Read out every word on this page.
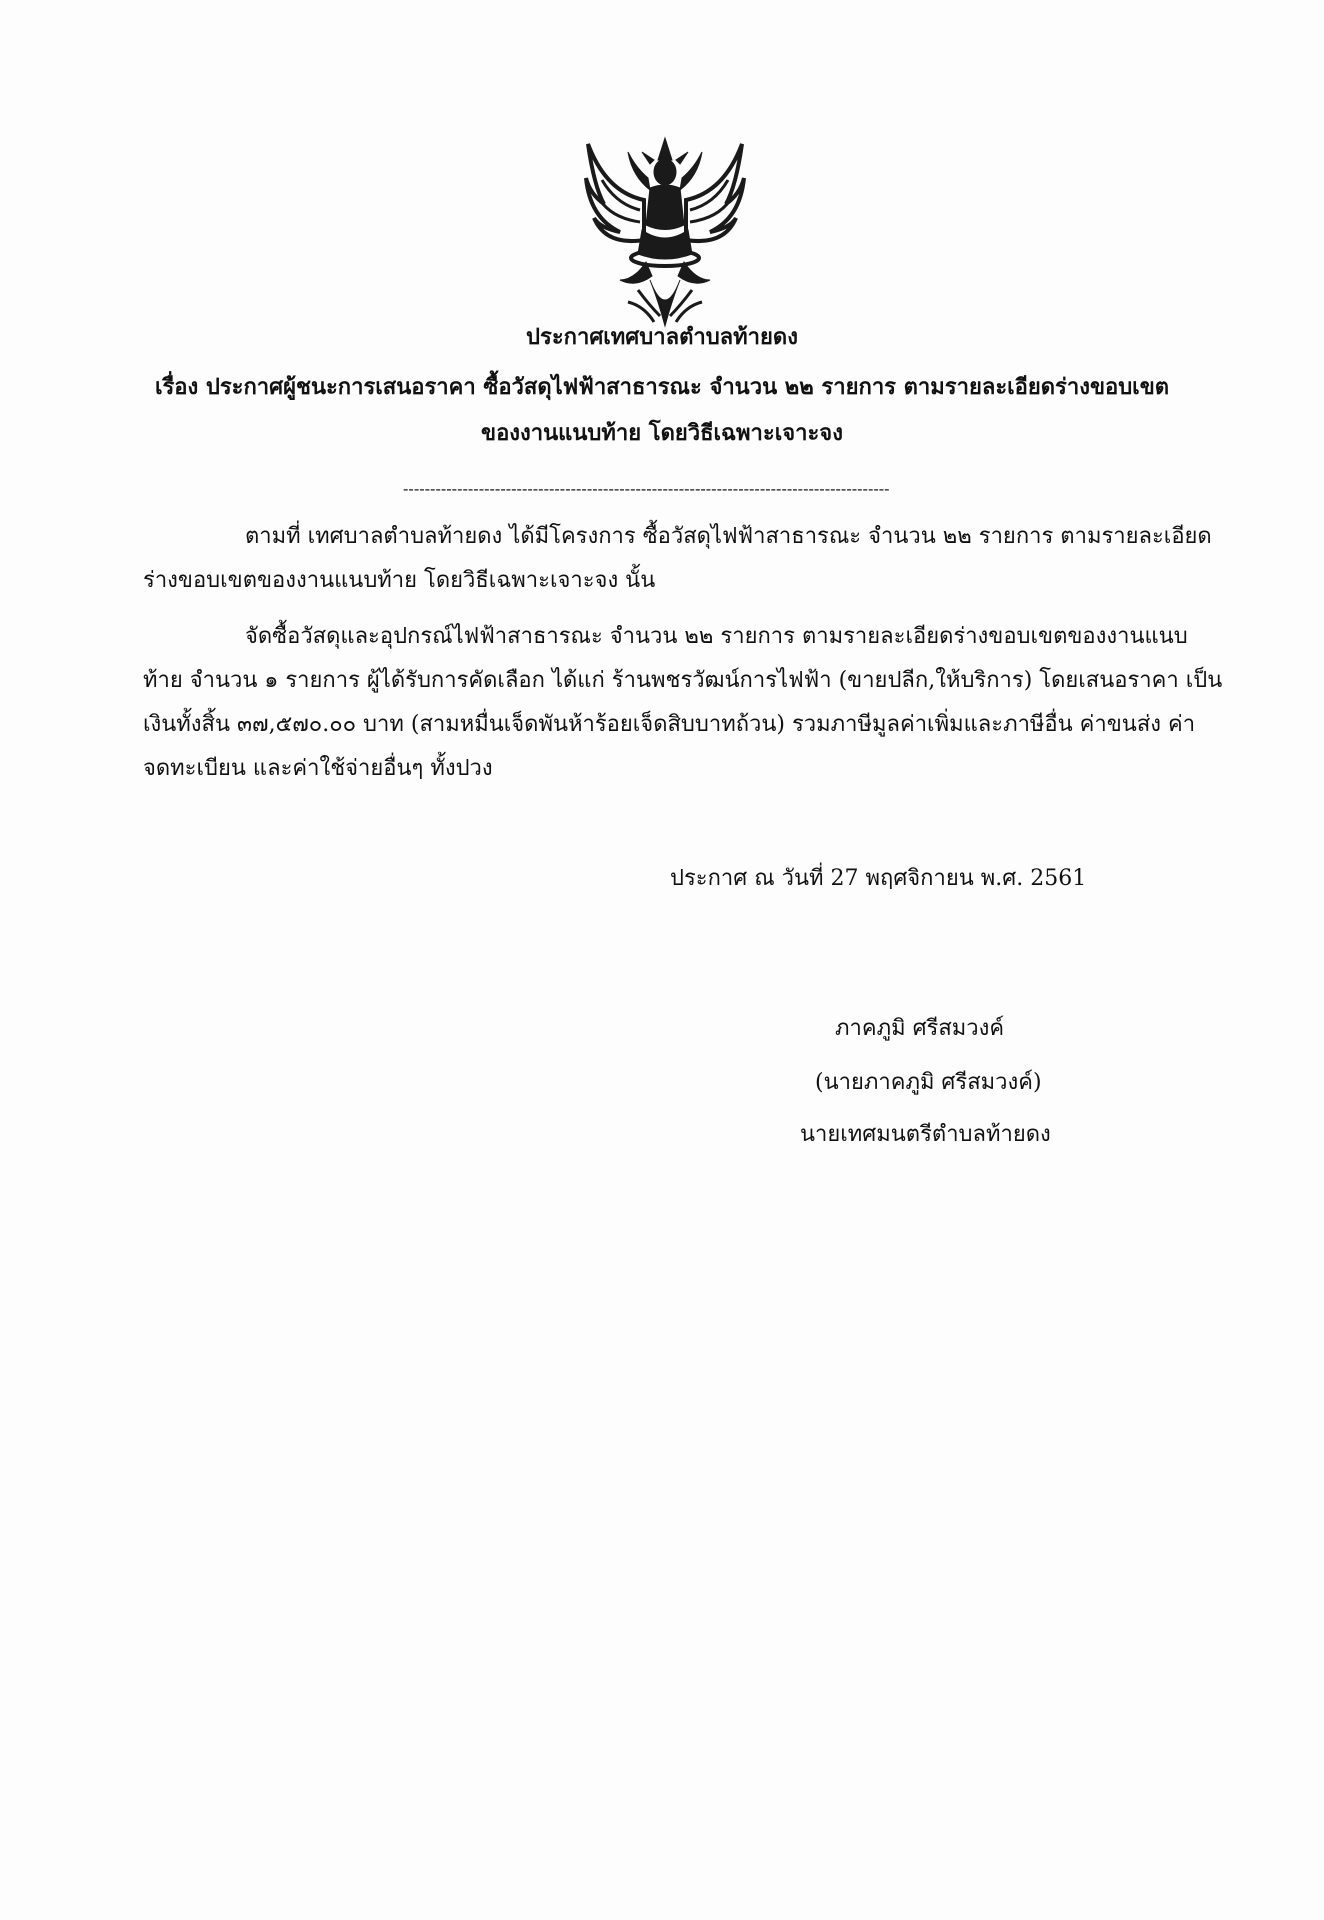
ประกาศเทศบาลตำบลท้ายดง
เรื่อง ประกาศผู้ชนะการเสนอราคา ซื้อวัสดุไฟฟ้าสาธารณะ จำนวน ๒๒ รายการ ตามรายละเอียดร่างขอบเขต
ของงานแนบท้าย โดยวิธีเฉพาะเจาะจง
------------------------------------------------------------------------------------------
ตามที่ เทศบาลตำบลท้ายดง ได้มีโครงการ ซื้อวัสดุไฟฟ้าสาธารณะ จำนวน ๒๒ รายการ ตามรายละเอียด
ร่างขอบเขตของงานแนบท้าย โดยวิธีเฉพาะเจาะจง นั้น
จัดซื้อวัสดุและอุปกรณ์ไฟฟ้าสาธารณะ จำนวน ๒๒ รายการ ตามรายละเอียดร่างขอบเขตของงานแนบ
ท้าย จำนวน ๑ รายการ ผู้ได้รับการคัดเลือก ได้แก่ ร้านพชรวัฒน์การไฟฟ้า (ขายปลีก,ให้บริการ) โดยเสนอราคา เป็น
เงินทั้งสิ้น ๓๗,๕๗๐.๐๐ บาท (สามหมื่นเจ็ดพันห้าร้อยเจ็ดสิบบาทถ้วน) รวมภาษีมูลค่าเพิ่มและภาษีอื่น ค่าขนส่ง ค่า
จดทะเบียน และค่าใช้จ่ายอื่นๆ ทั้งปวง
ประกาศ ณ วันที่ 27 พฤศจิกายน พ.ศ. 2561
ภาคภูมิ ศรีสมวงค์
(นายภาคภูมิ ศรีสมวงค์)
นายเทศมนตรีตำบลท้ายดง
